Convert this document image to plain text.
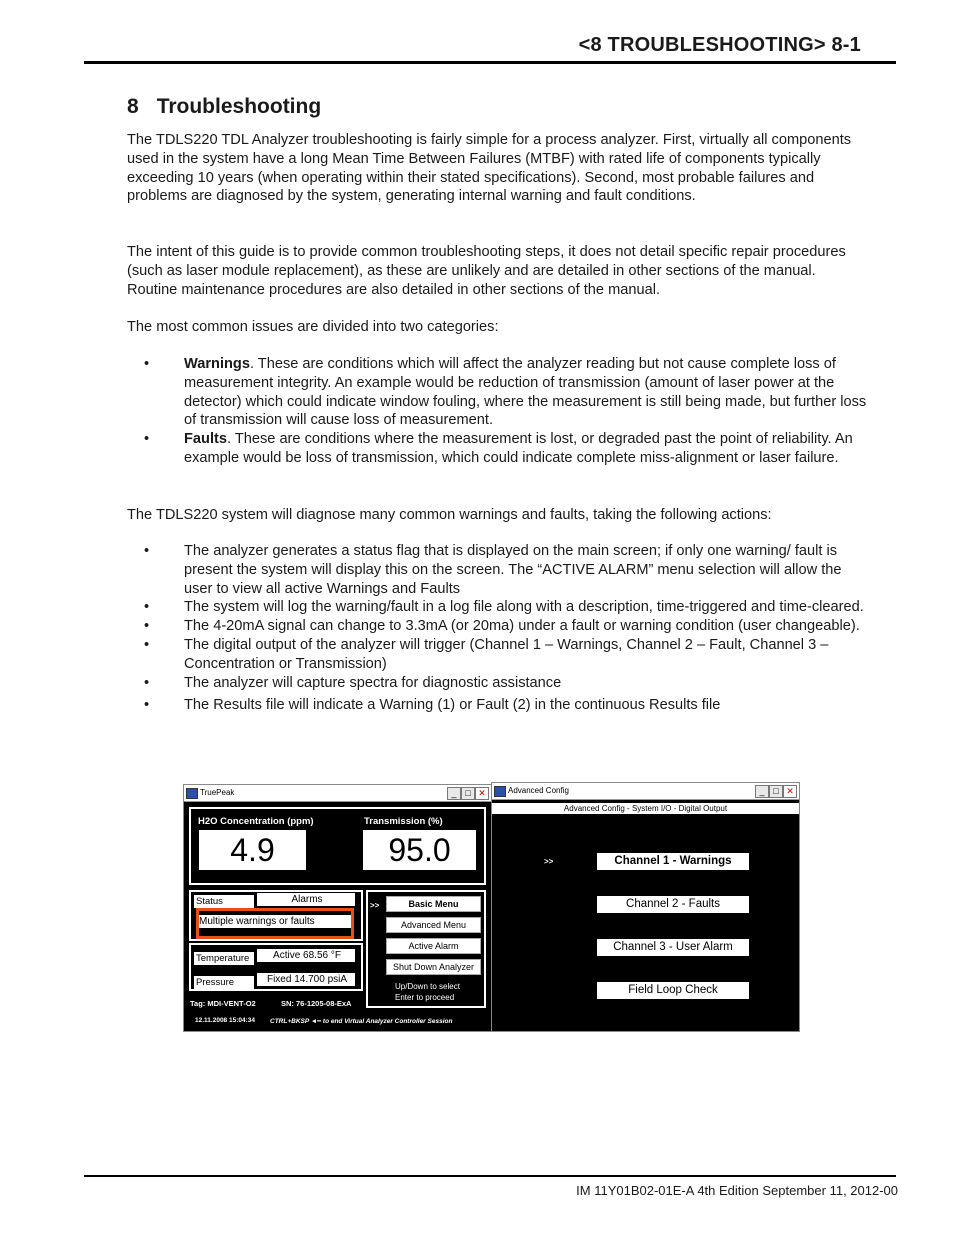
<8 TROUBLESHOOTING> 8-1
8 Troubleshooting

The TDLS220 TDL Analyzer troubleshooting is fairly simple for a process analyzer. First, virtually all components used in the system have a long Mean Time Between Failures (MTBF) with rated life of components typically exceeding 10 years (when operating within their stated specifications). Second, most probable failures and problems are diagnosed by the system, generating internal warning and fault conditions.

The intent of this guide is to provide common troubleshooting steps, it does not detail specific repair procedures (such as laser module replacement), as these are unlikely and are detailed in other sections of the manual. Routine maintenance procedures are also detailed in other sections of the manual.

The most common issues are divided into two categories:

• Warnings. These are conditions which will affect the analyzer reading but not cause complete loss of measurement integrity. An example would be reduction of transmission (amount of laser power at the detector) which could indicate window fouling, where the measurement is still being made, but further loss of transmission will cause loss of measurement.
• Faults. These are conditions where the measurement is lost, or degraded past the point of reliability. An example would be loss of transmission, which could indicate complete miss-alignment or laser failure.

The TDLS220 system will diagnose many common warnings and faults, taking the following actions:

• The analyzer generates a status flag that is displayed on the main screen; if only one warning/ fault is present the system will display this on the screen. The “ACTIVE ALARM” menu selection will allow the user to view all active Warnings and Faults
• The system will log the warning/fault in a log file along with a description, time-triggered and time-cleared.
• The 4-20mA signal can change to 3.3mA (or 20ma) under a fault or warning condition (user changeable).
• The digital output of the analyzer will trigger (Channel 1 – Warnings, Channel 2 – Fault, Channel 3 – Concentration or Transmission)
• The analyzer will capture spectra for diagnostic assistance
• The Results file will indicate a Warning (1) or Fault (2) in the continuous Results file
TruePeak	_ □ ✕
H2O Concentration (ppm)
4.9
Transmission (%)
95.0
Status	Alarms
Multiple warnings or faults
Temperature	Active 68.56 °F
Pressure	Fixed 14.700 psiA
>>	Basic Menu
Advanced Menu
Active Alarm
Shut Down Analyzer
Up/Down to select
Enter to proceed
Tag: MDI-VENT-O2	SN: 76-1205-08-ExA
12.11.2008 15:04:34 CTRL+BKSP ◄━ to end Virtual Analyzer Controller Session
Advanced Config	_ □ ✕
Advanced Config - System I/O - Digital Output
>>	Channel 1 - Warnings
Channel 2 - Faults
Channel 3 - User Alarm
Field Loop Check
IM 11Y01B02-01E-A 4th Edition September 11, 2012-00
